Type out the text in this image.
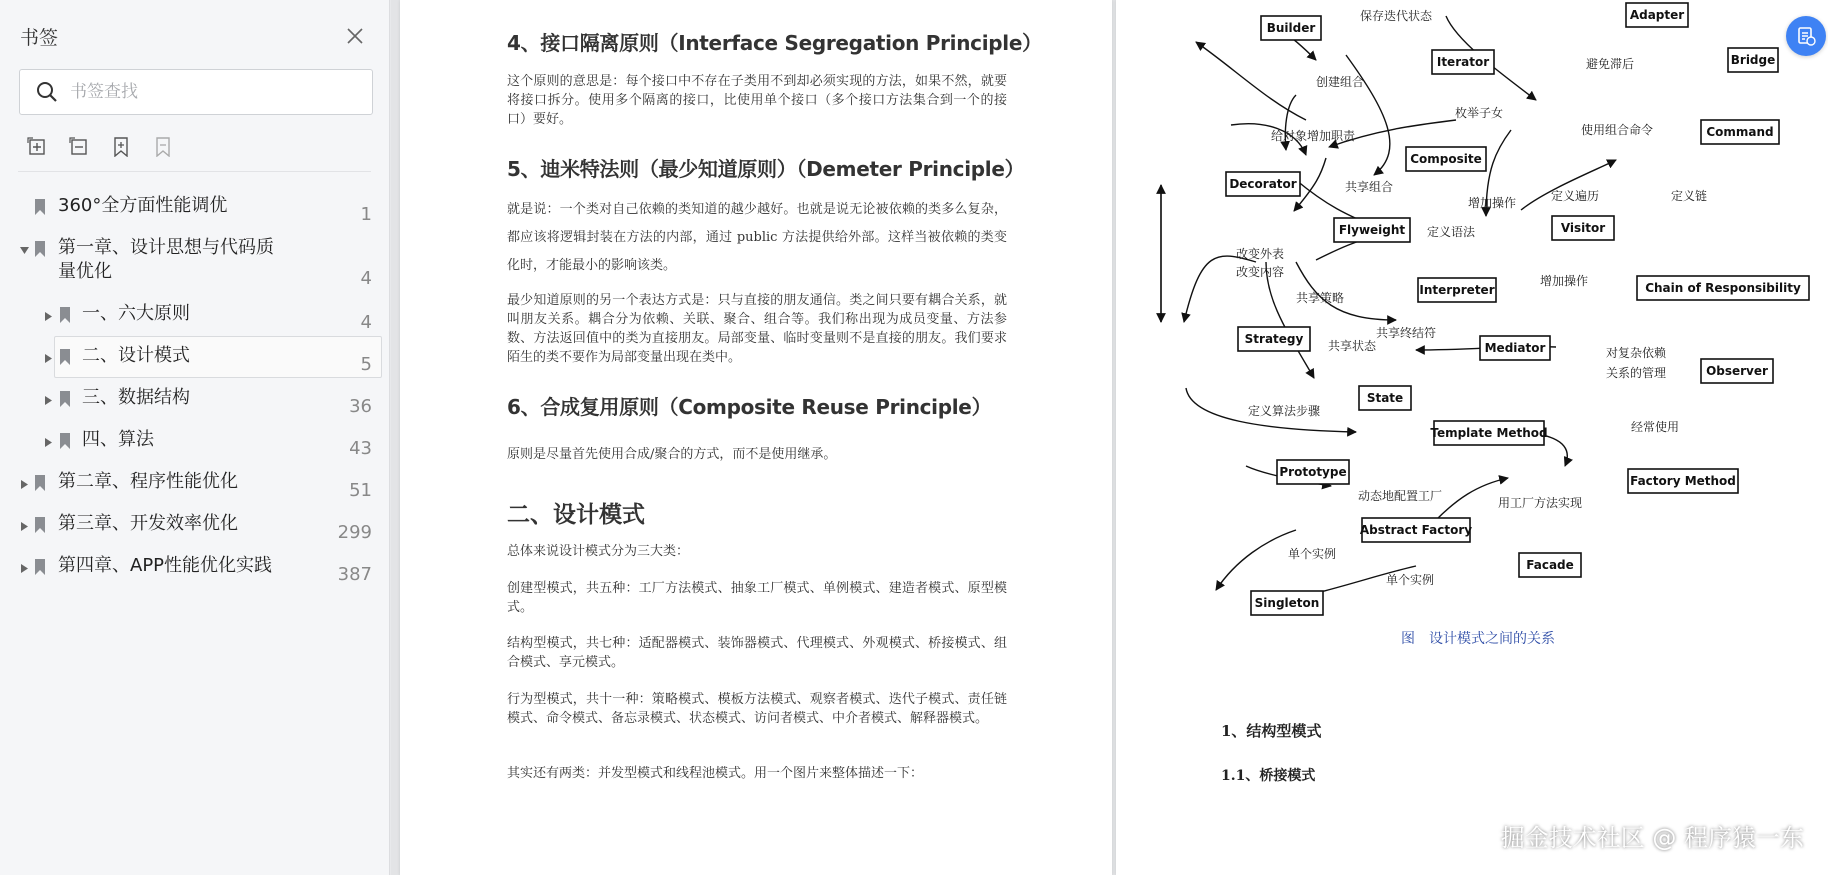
书签
书签查找
360°全方面性能调优	1
第一章、设计思想与代码质
量优化	4
一、六大原则	4
二、设计模式	5
三、数据结构	36
四、算法	43
第二章、程序性能优化	51
第三章、开发效率优化	299
第四章、APP性能优化实践	387
4、接口隔离原则（Interface Segregation Principle）
这个原则的意思是：每个接口中不存在子类用不到却必须实现的方法，如果不然，就要将接口拆分。使用多个隔离的接口，比使用单个接口（多个接口方法集合到一个的接口）要好。
5、迪米特法则（最少知道原则）（Demeter Principle）
就是说：一个类对自己依赖的类知道的越少越好。也就是说无论被依赖的类多么复杂，都应该将逻辑封装在方法的内部，通过 public 方法提供给外部。这样当被依赖的类变化时，才能最小的影响该类。
最少知道原则的另一个表达方式是：只与直接的朋友通信。类之间只要有耦合关系，就叫朋友关系。耦合分为依赖、关联、聚合、组合等。我们称出现为成员变量、方法参数、方法返回值中的类为直接朋友。局部变量、临时变量则不是直接的朋友。我们要求陌生的类不要作为局部变量出现在类中。
6、合成复用原则（Composite Reuse Principle）
原则是尽量首先使用合成/聚合的方式，而不是使用继承。
二、设计模式
总体来说设计模式分为三大类：
创建型模式，共五种：工厂方法模式、抽象工厂模式、单例模式、建造者模式、原型模式。
结构型模式，共七种：适配器模式、装饰器模式、代理模式、外观模式、桥接模式、组合模式、享元模式。
行为型模式，共十一种：策略模式、模板方法模式、观察者模式、迭代子模式、责任链模式、命令模式、备忘录模式、状态模式、访问者模式、中介者模式、解释器模式。
其实还有两类：并发型模式和线程池模式。用一个图片来整体描述一下：
Builder
Adapter
Iterator	Bridge
Command
Composite
Decorator
Flyweight	Visitor
Interpreter	Chain of Responsibility
Strategy
Mediator
Observer
State
Template Method
Prototype
Factory Method
Abstract Factory
Facade
Singleton
保存迭代状态
创建组合
避免滞后
枚举子女
给对象增加职责	使用组合命令
共享组合
定义遍历
增加操作	定义链
定义语法
改变外表
改变内容
增加操作
共享策略
共享终结符
共享状态	对复杂依赖
关系的管理
定义算法步骤
经常使用
动态地配置工厂	用工厂方法实现
单个实例
单个实例
图　设计模式之间的关系
1、结构型模式
1.1、桥接模式
掘金技术社区 @ 程序猿一东
